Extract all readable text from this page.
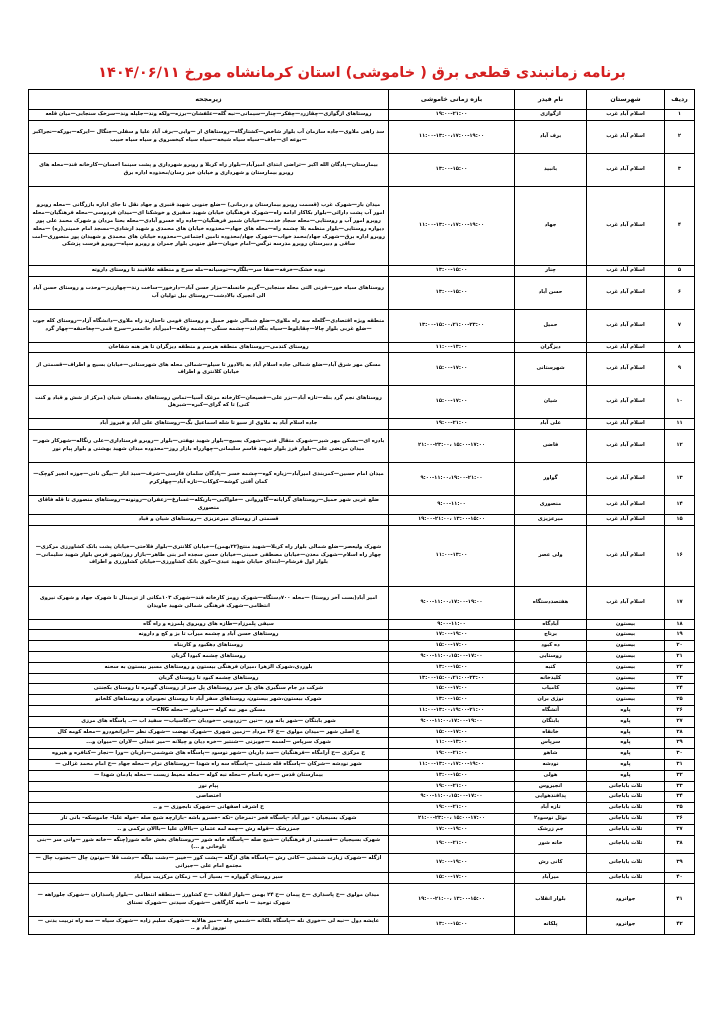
برنامه زمانبندی قطعی برق ( خاموشی) استان کرمانشاه مورخ ۱۴۰۴/۰۶/۱۱
ردیف	شهرستان	نام فیدر	بازه زمانی خاموشی	زیرمجحه
۱	اسلام آباد غرب	ازگوازی	۱۹:۰۰-۲۱:۰۰	روستاهای ازگوازی—چقازرد—چفکر—چنار—سیمانی—نبه گله—علفشان—برزه—ولکه وند—جلیله وند—سرخک سنجابی—میان قلعه
۲	اسلام آباد غرب	برف آباد	۱۱:۰۰-۱۳:۰۰،۱۷:۰۰-۱۹:۰۰	سد راهی ملاوی—جاده سازمان آب بلوار شاخص—کشتارگاه—روستاهای ار —وایی—برف آباد علیا و سفلی—جنگال —ایرکه—بورکه—نجراکبر—بوعه ای—جاف—سیاه سیاه شیخه—سیاه سیاه کیخسروی و سیاه سیاه حبیب
۳	اسلام آباد غرب	بانبید	۱۳:۰۰-۱۵:۰۰	بیمارستان—پادگان الله اکبر —تراضی ابتدای امیرآباد—بلوار راه کربلا و روبرو شهرداری و پشت سینما احسان—کارخانه قند—محله های روبرو بیمارستان و شهرداری و خیابان خیر رسان/محدوده اداره برق
۴	اسلام آباد غرب	جهاد	۱۱:۰۰-۱۳:۰۰،۱۷:۰۰-۱۹:۰۰	میدان بار—شهرک غرب (قسمت روبرو بیمارستان و درمانی) —ضلع جنوبی شهید قنبری و جهاد نقل نا جای اداره بازرگانی —محله روبرو امور آب پشت دارائی—بلوار بکاکار ادامه راه—شهرک فرهنگیان خیابان شهید سفیری و خوشکنا ای—میدان فردوسی—محله فرهنگیان—محله روبرو امور آب و روستایی—محله سجاد خدمت—خیابان شمیر فرهنگیان—جاده راه خسرو آبادی—محله بحنا مردان و شهرک محمد علی پور دیواره روستایی—بلوار منظمه بلا چشمه راه—محله های جهاد—محدوده خیابان های محمدی و شهید ارشادی—مسجد امام خمینی(ره) —محله روبرو اداره برق—شهرک جهاد/محمد خواب—شهرک جهاد/محدوده تامین اجتماعی—محدوده خیابان های محمدی و شهیدان پور منصوری—امت ساقی و دبیرستان روبرو مدرسه نرگس—امام خوبان—خلق جنوبی بلوار جمران و روبرو سپاه—روبرو فرست پزشکی
۵	اسلام آباد غرب	چنار	۱۳:۰۰-۱۵:۰۰	نوده خشک—خرفه—صفا سر—بلگاره—توسیانه—مله سرخ و منطقه علاقبند تا روستای داروته
۶	اسلام آباد غرب	حسن آباد	۱۳:۰۰-۱۵:۰۰	روستاهای سیاه خور—قرنی التی محله سنجابی—گریم خانسله—مزار حسن آباد—دارخور—ساخت رند—چهارزبر—وحدت و روستای حسن آباد الی انجیرک بالادشت—روستای بیل تولیان آب
۷	اسلام آباد غرب	حمیل	۱۳:۰۰-۱۵:۰۰،۲۱:۰۰-۲۳:۰۰	منطقه ویژه اقتصادی—گلعله سه راه ملاوی—ضلع شمالی شهر حمیل و روستای فومی ناحدارند راه ملاوی—دانشگاه آزاد—روستای کله جوب—ضلع غربی بلوار چالا—چقابلوط—سیاه بنگاداند—چشمه سنگی—چشمه رفکه—امیرآباد خاتمسر—سرخ قمی—چغاحنفه—چهار گرد
۸	اسلام آباد غرب	دیزگران	۱۱:۰۰-۱۳:۰۰	روستای کندمی—روستاهای منطقه هرسم و منطقه دیزگران تا هر هنه شفاخان
۹	اسلام آباد غرب	شهرستانی	۱۵:۰۰-۱۷:۰۰	مسکن مهر شرق آباد—ضلع شمالی جاده اسلام آباد به بالادور تا سیلو—شمالی محله های شهرستانی—خیابان بسیج و اطراف—قسمتی از خیابان کلانتری و اطراف
۱۰	اسلام آباد غرب	شیان	۱۵:۰۰-۱۷:۰۰	روستاهای نجم گرد بنله—تازه آباد—بزر علی—فصیحان—کارخانه مرغک آسیا—تماس روستاهای دهستان شیان (مرکز از شش و قباد و کنت کنی) تا که گرای—کبره—شبرهل
۱۱	اسلام آباد غرب	علی آباد	۱۹:۰۰-۲۱:۰۰	جاده اسلام آباد به ملاوی از سبو تا شله اسماعیل بگ—روستاهای علی آباد و فیروز آباد
۱۲	اسلام آباد غرب	فاضی	۱۵:۰۰-۱۷:۰۰ ،۲۱:۰۰-۲۳:۰۰	بادره ای—مسکن مهر شیر—شهرک متقال فنی—شهرک بسیج—بلوار شهید نهفتی—بلوار —روبرو فرستاداری—علی رنگاله—شهرکار شهر—میدان مرتضی علی—بلوار فرز بلوار شهید قاسم سلیمانی—چهارراه بازار روز—محدوده میدان شهید بهشتی و بلوار پیام نور
۱۳	اسلام آباد غرب	گواور	۹:۰۰-۱۱:۰۰،۱۹:۰۰-۲۱:۰۰	میدان امام حسین—کمربندی امیرآباد—زیاره کوه—چشمه خسر —پادگان سلمان فارسی—شرف—سید ابار —بیگن نانی—جوزه انجیر کوچک—کمان آفتی کوشه—کوکاب—تازه آباد—چهلزکرم
۱۴	اسلام آباد غرب	منصوری	۹:۰۰-۱۱:۰۰	ضلع غربی شهر حمیل—روستاهای گرایانه—گاوروانی —خلواکیی—باریکله—غسارغ—زعفران—رونونه—روستاهای منصوری تا قله فاقای منصوری
۱۵	اسلام آباد غرب	میرعزیزی	۱۳:۰۰-۱۵:۰۰ ،۱۹:۰۰-۲۱:۰۰	قسمتی از روستای میرعزیزی —روستاهای شیان و قباد
۱۶	اسلام آباد غرب	ولی عصر	۱۱:۰۰-۱۳:۰۰	شهرک ولیعصر—ضلع شمالی بلوار راه کربلا—شهید منتج(۲۲بهمن)—خیابان کلانتری—بلوار فلاحتی—خیابان پشت بانک کشاورزی مرکزی—چهار راه اسلام—شهرک معدن—خیابان مصطفی خمینی—خیابان حسن سجده امر بنی طاهر—بازار روز/شهر فرس بلوار شهید سلیمانی—بلوار اول فرشام—ابتدای خیابان شهید عبدی—کوی بانک کشاورزی—خیابان کشاورزی و اطراف
۱۷	اسلام آباد غرب	هفتصددستگاه	۹:۰۰-۱۱:۰۰،۱۷:۰۰-۱۹:۰۰	امیر آباد(بست آخر روستا) —محله ۷۰۰دستگاه—شهرک رومز کارخانه قند—شهرک ۱۰۳مکانی از ترمینال تا شهرک جهاد و شهرک نیروی انتظامی—شهرک فرهنگی شمالی شهید جاویدان
۱۸	بیستون	آبادگاه	۹:۰۰-۱۱:۰۰	سیفی پلمرزاد—طازه های روبروی پلمرزه و راه گاه
۱۹	بیستون	برناج	۱۷:۰۰-۱۹:۰۰	روستاهای حسن آباد و چشمه میرآب تا بز و کج و دارونه
۲۰	بیستون	ده کبود	۱۵:۰۰-۱۷:۰۰	روستاهای دهکبود و کاربناه
۲۱	بیستون	روستایی	۹:۰۰-۱۱:۰۰،۱۵:۰۰-۱۷:۰۰	روستاهای چشمه کبودا گربان
۲۲	بیستون	کتبه	۱۳:۰۰-۱۵:۰۰	بلوردی،شهرک الزهرا ،میران فرهنگی بیستون و روستاهای مسیر بیستون به سحنه
۲۳	بیستون	کلیدخانه	۱۳:۰۰-۱۵:۰۰،۲۱:۰۰-۲۳:۰۰	روستاهای چشمه کبود تا روستای گربان
۲۴	بیستون	کامیاب	۱۵:۰۰-۱۷:۰۰	شرکت در جام سنگبری های پل جبر روستاهای پل جبر از روستای گومره تا روستای بکجنتی
۲۵	بیستون	نوژی بران	۱۳:۰۰-۱۵:۰۰	شهرک بیستون،شهر بیستون، روستاهای سفر آباد تا روستای نجوبران و روستاهای کلخانو
۲۶	پاوه	آتشگاه	۱۱:۰۰-۱۳:۰۰،۱۹:۰۰-۲۱:۰۰	مسکن مهر نبه کوله —سرباور —محله CNG—
۲۷	پاوه	بابتگان	۹:۰۰-۱۱:۰۰،۱۷:۰۰-۱۹:۰۰	شهر بابتگان —شهر بانه ورد —نین —زردویی —خودبان —دکاسیاب— سفید اب —.. پاسگاه های مرزی
۲۸	پاوه	خانقاه	۱۵:۰۰-۱۷:۰۰	خ اصلی شهر —میدان مولوی —خ ۲۶ مرداد —زمین شهری —شهرک نهضت —شهرک نظر —ایرانخودرو —محله کومه کال
۲۹	پاوه	سرپاس	۱۱:۰۰-۱۳:۰۰	شهرک سرپاس —لسمه —جوبزنی —شنتبر —خره دیان و چیلانه —میر عبدلی —لاران —میوان و...
۳۰	پاوه	شاهو	۱۹:۰۰-۲۱:۰۰	خ مرکزی —خ آرامگاه —فرهنگیان —سد داریان —شهر نوسود —پاسگاه های شوشمی—داریان —ورا —نجار —کنافره و هیروه
۳۱	پاوه	نودشه	۱۱:۰۰-۱۳:۰۰،۱۷:۰۰-۱۹:۰۰	شهر نودشه —شرکان —پاسگاه قله شمئی —پاسگاه سه راه شهدا —روستاهای نرام —محله جهاد —خ امام محمد غزالی —
۳۲	پاوه	هولی	۱۳:۰۰-۱۵:۰۰	بیمارستان قدس —خره باسام —محله نبه کوله —محله محیط زیست —محله یادمان شهدا —
۳۳	ثلاث باباجانی	انجیروس	۱۹:۰۰-۲۱:۰۰	پیام نور
۳۴	ثلاث باباجانی	پدافندهوایی	۹:۰۰-۱۱:۰۰،۱۵:۰۰-۱۷:۰۰	اختصاصی
۳۵	ثلاث باباجانی	تازه آباد	۱۹:۰۰-۲۱:۰۰	خ اشرف اصفهانی —شهرک نابجوزی — و ..
۳۶	ثلاث باباجانی	نوئل نوسود۲	۱۵:۰۰-۱۷:۰۰ ،۲۱:۰۰-۲۳:۰۰	شهرک بسیجیان – نور آباد –پاسگاه فجر –نمرخان –تکه –خسرو باشه –بازارچه شیخ صله –خوله علیا– جاموسکه– بانی تار
۳۷	ثلاث باباجانی	جم زرشک	۱۷:۰۰-۱۹:۰۰	جمزرشک —قوله رش —چمه لمه عثمان —باالان علیا —باالان نرکمی و ..
۳۸	ثلاث باباجانی	خانه شور	۱۹:۰۰-۲۱:۰۰	شهرک بسیجیان —قسمتی از فرهنگیان —شیخ صله —پاسگاه خانه شور —روستاهای بخش خانه شور(چنگه —خانه شور —وانی سر —بنی تاوخانی و ...)
۳۹	ثلاث باباجانی	کانی رش	۱۷:۰۰-۱۹:۰۰	ازگله —شهرک زیارت شمشی —کانی رش —پاسگاه های ازگله —پشت کور —خیبر —دشت بیلگه —دشت قلا —بوتون چال —بجنوب چال —مجتمع امام علی —جیرانی
۴۰	ثلاث باباجانی	میرآباد	۱۵:۰۰-۱۷:۰۰	سیر روستای گوواره — بسیاز آب — زمکان مرکزیت میرآباد
۴۱	جوانرود	بلوار انقلاب	۱۳:۰۰-۱۵:۰۰ ،۱۹:۰۰-۲۱:۰۰	میدان مولوی —خ پاسداری —خ پیمان —خ ۲۴ بهمن —بلوار انقلاب —خ کشاورز —منطقه انتظامی —بلوار پاسداران —شهرک جلوراهه —شهرک توحید — ناحیه کارگاهی —شهرک سیدنی —شهرک نستای
۴۲	جوانرود	پلکانه	۱۳:۰۰-۱۵:۰۰	عایشه دول —نبه لی —خوری نله —پاسگاه بلکانه —شمس چله —میر هالایه —شهرک سلیم زاده —شهرک سیاه — سه راه تربیت بدنی —نوروز آباد و ..
